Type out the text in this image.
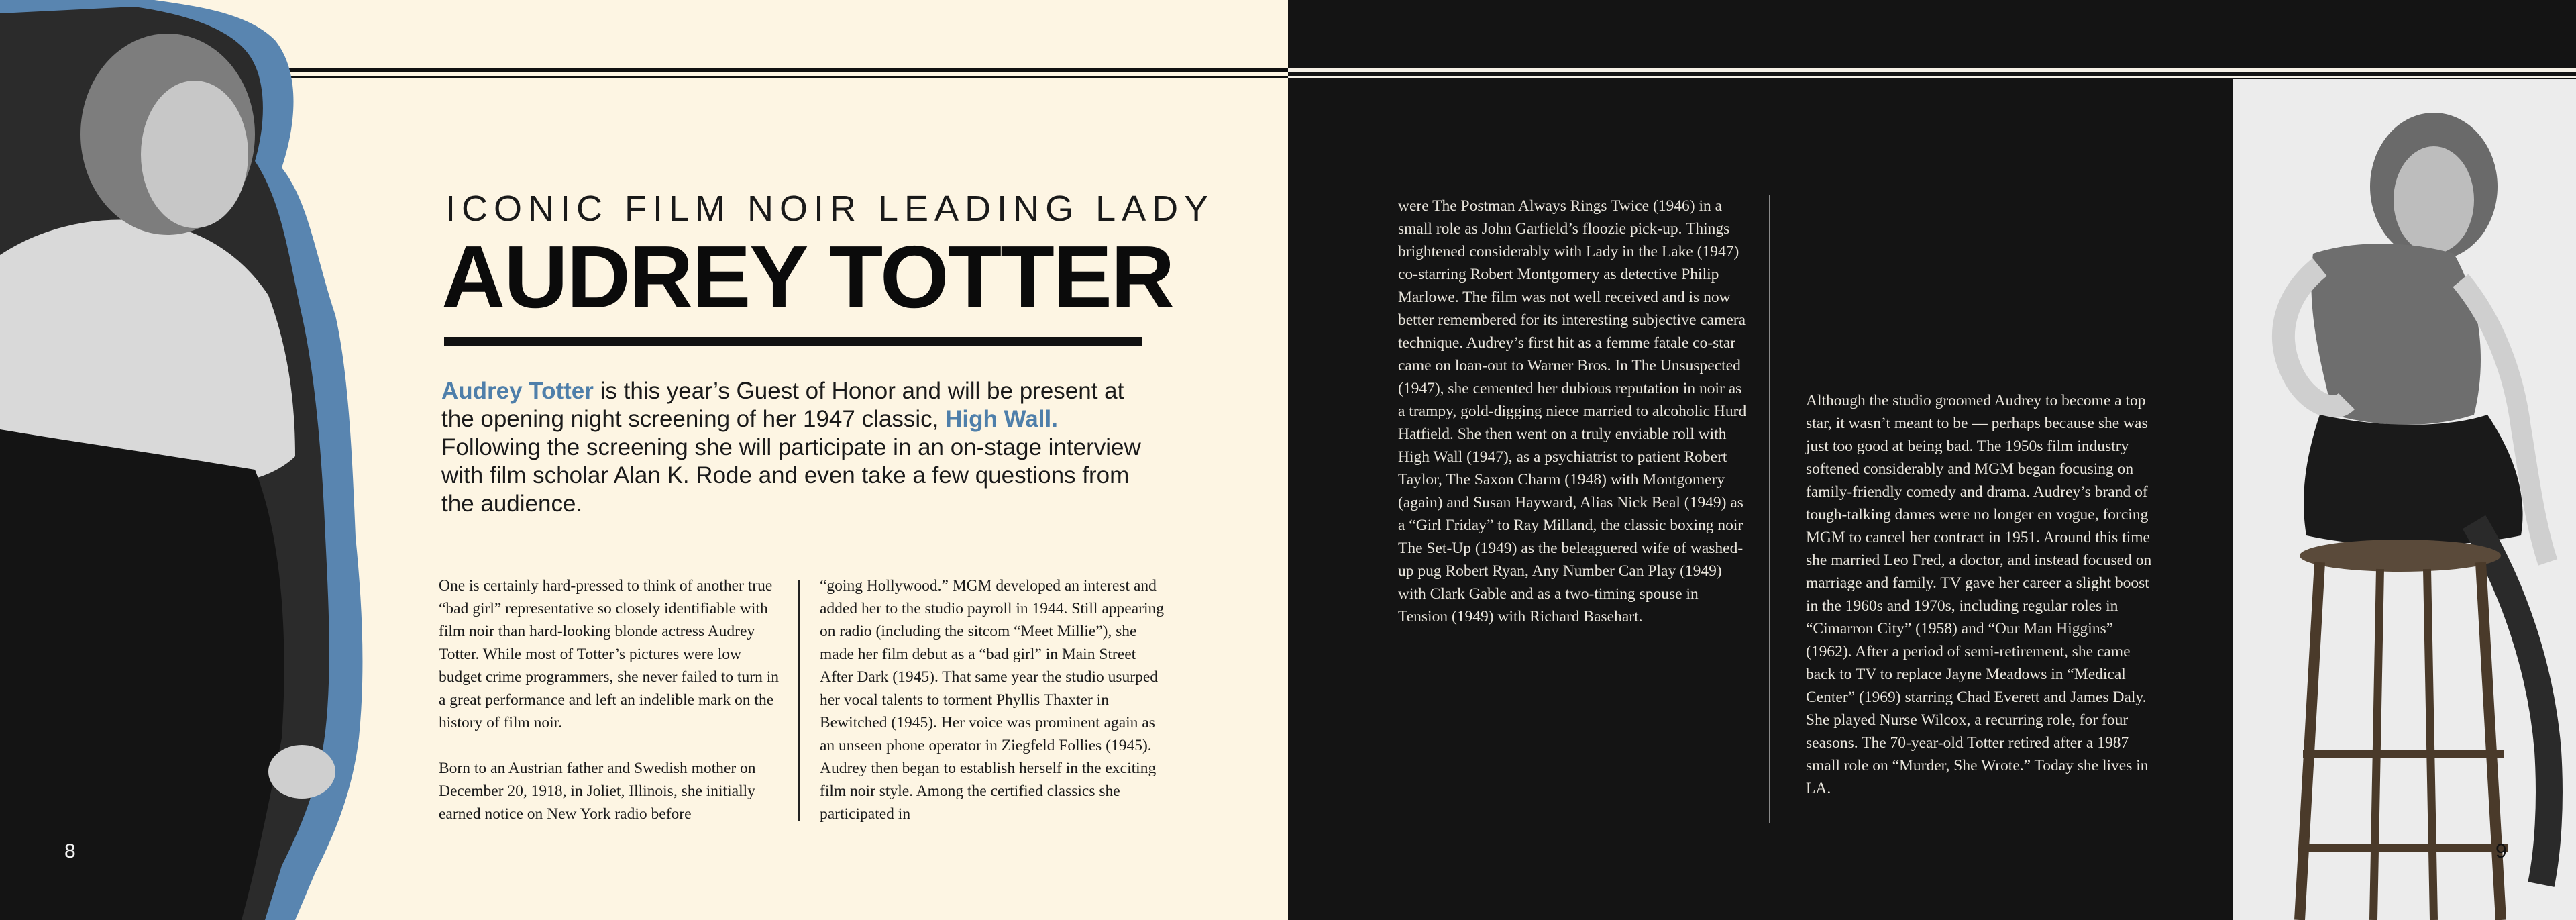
ICONIC FILM NOIR LEADING LADY
AUDREY TOTTER
Audrey Totter is this year’s Guest of Honor and will be present at the opening night screening of her 1947 classic, High Wall. Following the screening she will participate in an on-stage interview with film scholar Alan K. Rode and even take a few questions from the audience.

One is certainly hard-pressed to think of another true “bad girl” representative so closely identifiable with film noir than hard-looking blonde actress Audrey Totter. While most of Totter’s pictures were low budget crime programmers, she never failed to turn in a great performance and left an indelible mark on the history of film noir.

Born to an Austrian father and Swedish mother on December 20, 1918, in Joliet, Illinois, she initially earned notice on New York radio before

“going Hollywood.” MGM developed an interest and added her to the studio payroll in 1944. Still appearing on radio (including the sitcom “Meet Millie”), she made her film debut as a “bad girl” in Main Street After Dark (1945). That same year the studio usurped her vocal talents to torment Phyllis Thaxter in Bewitched (1945). Her voice was prominent again as an unseen phone operator in Ziegfeld Follies (1945). Audrey then began to establish herself in the exciting film noir style. Among the certified classics she participated in

were The Postman Always Rings Twice (1946) in a small role as John Garfield’s floozie pick-up. Things brightened considerably with Lady in the Lake (1947) co-starring Robert Montgomery as detective Philip Marlowe. The film was not well received and is now better remembered for its interesting subjective camera technique. Audrey’s first hit as a femme fatale co-star came on loan-out to Warner Bros. In The Unsuspected (1947), she cemented her dubious reputation in noir as a trampy, gold-digging niece married to alcoholic Hurd Hatfield. She then went on a truly enviable roll with High Wall (1947), as a psychiatrist to patient Robert Taylor, The Saxon Charm (1948) with Montgomery (again) and Susan Hayward, Alias Nick Beal (1949) as a “Girl Friday” to Ray Milland, the classic boxing noir The Set-Up (1949) as the beleaguered wife of washed-up pug Robert Ryan, Any Number Can Play (1949) with Clark Gable and as a two-timing spouse in Tension (1949) with Richard Basehart.

Although the studio groomed Audrey to become a top star, it wasn’t meant to be — perhaps because she was just too good at being bad. The 1950s film industry softened considerably and MGM began focusing on family-friendly comedy and drama. Audrey’s brand of tough-talking dames were no longer en vogue, forcing MGM to cancel her contract in 1951. Around this time she married Leo Fred, a doctor, and instead focused on marriage and family. TV gave her career a slight boost in the 1960s and 1970s, including regular roles in “Cimarron City” (1958) and “Our Man Higgins” (1962). After a period of semi-retirement, she came back to TV to replace Jayne Meadows in “Medical Center” (1969) starring Chad Everett and James Daly. She played Nurse Wilcox, a recurring role, for four seasons. The 70-year-old Totter retired after a 1987 small role on “Murder, She Wrote.” Today she lives in LA.

8	9
